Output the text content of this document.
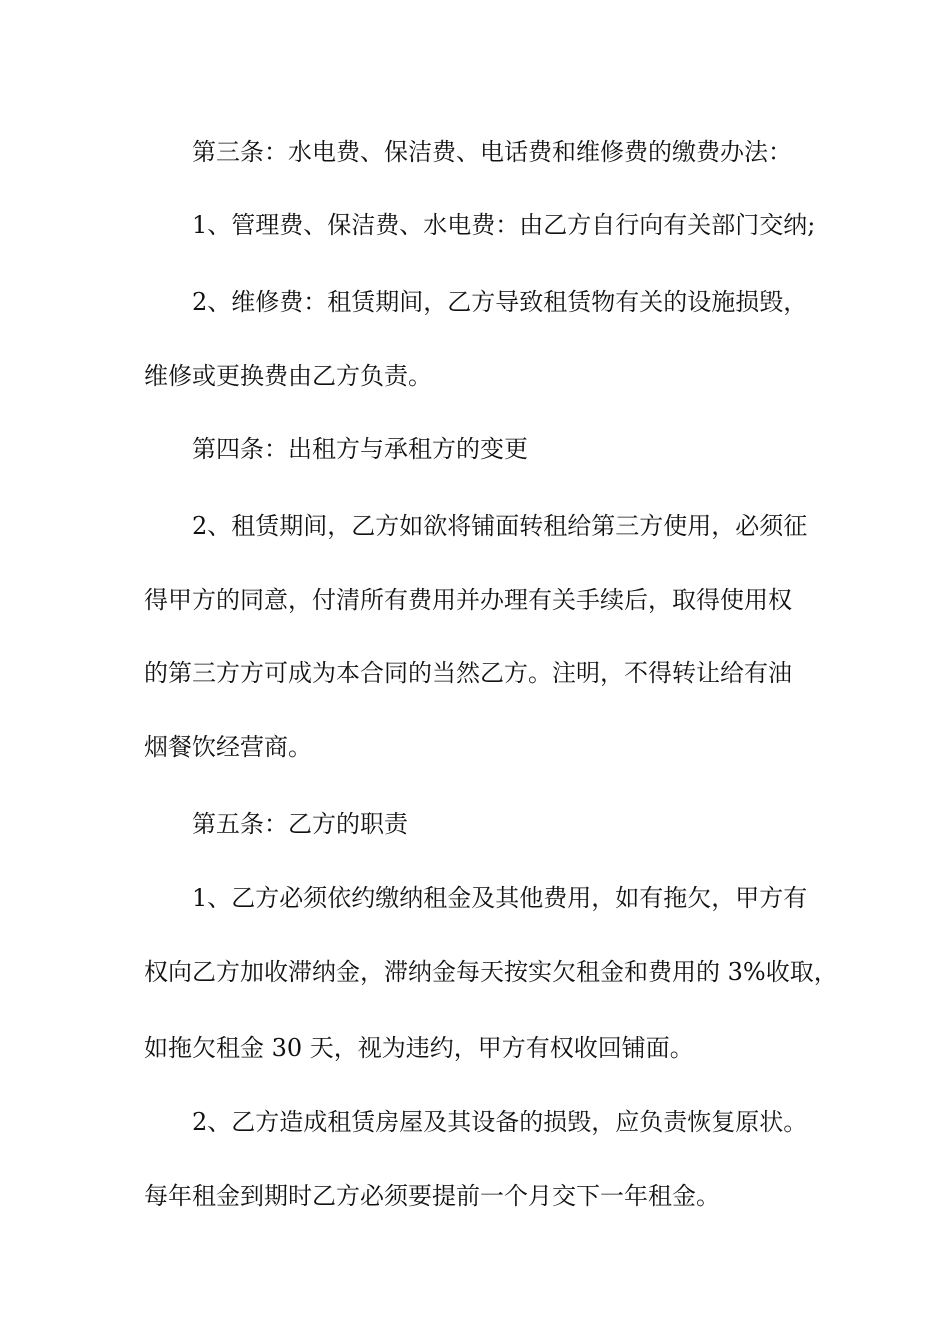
第三条：水电费、保洁费、电话费和维修费的缴费办法：
1、管理费、保洁费、水电费：由乙方自行向有关部门交纳;
2、维修费：租赁期间，乙方导致租赁物有关的设施损毁，
维修或更换费由乙方负责。
第四条：出租方与承租方的变更
2、租赁期间，乙方如欲将铺面转租给第三方使用，必须征
得甲方的同意，付清所有费用并办理有关手续后，取得使用权
的第三方方可成为本合同的当然乙方。注明，不得转让给有油
烟餐饮经营商。
第五条：乙方的职责
1、乙方必须依约缴纳租金及其他费用，如有拖欠，甲方有
权向乙方加收滞纳金，滞纳金每天按实欠租金和费用的 3%收取，
如拖欠租金 30 天，视为违约，甲方有权收回铺面。
2、乙方造成租赁房屋及其设备的损毁，应负责恢复原状。
每年租金到期时乙方必须要提前一个月交下一年租金。
